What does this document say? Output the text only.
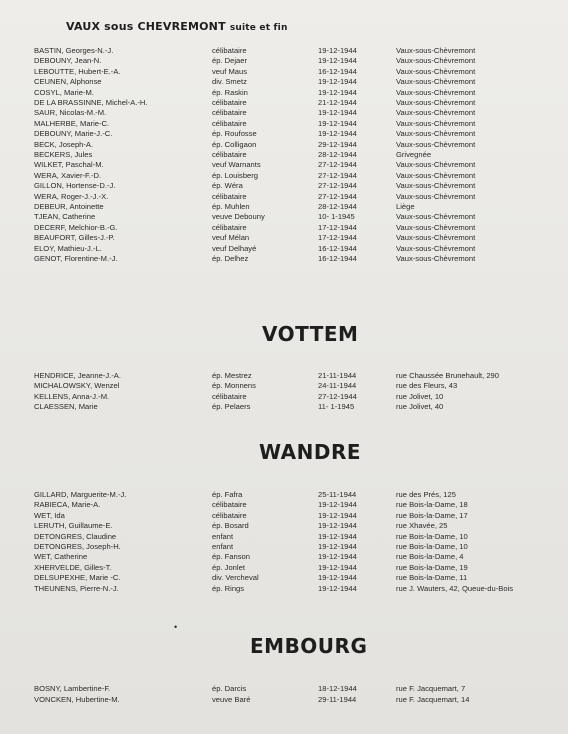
VAUX sous CHEVREMONT suite et fin
BASTIN, Georges-N.-J.	célibataire	19-12-1944	Vaux-sous-Chèvremont
DEBOUNY, Jean-N.	ép. Dejaer	19-12-1944	Vaux-sous-Chèvremont
LEBOUTTE, Hubert-E.-A.	veuf Maus	16-12-1944	Vaux-sous-Chèvremont
CEUNEN, Alphonse	div. Smetz	19-12-1944	Vaux-sous-Chèvremont
COSYL, Marie-M.	ép. Raskin	19-12-1944	Vaux-sous-Chèvremont
DE LA BRASSINNE, Michel-A.-H.	célibataire	21-12-1944	Vaux-sous-Chèvremont
SAUR, Nicolas-M.-M.	célibataire	19-12-1944	Vaux-sous-Chèvremont
MALHERBE, Marie-C.	célibataire	19-12-1944	Vaux-sous-Chèvremont
DEBOUNY, Marie-J.-C.	ép. Roufosse	19-12-1944	Vaux-sous-Chèvremont
BECK, Joseph-A.	ép. Colligaon	29-12-1944	Vaux-sous-Chèvremont
BECKERS, Jules	célibataire	28-12-1944	Grivegnée
WILKET, Paschal-M.	veuf Warnants	27-12-1944	Vaux-sous-Chèvremont
WERA, Xavier-F.-D.	ép. Louisberg	27-12-1944	Vaux-sous-Chèvremont
GILLON, Hortense-D.-J.	ép. Wéra	27-12-1944	Vaux-sous-Chèvremont
WERA, Roger-J.-J.-X.	célibataire	27-12-1944	Vaux-sous-Chèvremont
DEBEUR, Antoinette	ép. Muhlen	28-12-1944	Liège
TJEAN, Catherine	veuve Debouny	10- 1-1945	Vaux-sous-Chèvremont
DECERF, Melchior-B.-G.	célibataire	17-12-1944	Vaux-sous-Chèvremont
BEAUFORT, Gilles-J.-P.	veuf Mélan	17-12-1944	Vaux-sous-Chèvremont
ELOY, Mathieu-J.-L.	veuf Delhayé	16-12-1944	Vaux-sous-Chèvremont
GENOT, Florentine-M.-J.	ép. Delhez	16-12-1944	Vaux-sous-Chèvremont
VOTTEM
HENDRICE, Jeanne-J.-A.	ép. Mestrez	21-11-1944	rue Chaussée Brunehault, 290
MICHALOWSKY, Wenzel	ép. Monnens	24-11-1944	rue des Fleurs, 43
KELLENS, Anna-J.-M.	célibataire	27-12-1944	rue Jolivet, 10
CLAESSEN, Marie	ép. Pelaers	11- 1-1945	rue Jolivet, 40
WANDRE
GILLARD, Marguerite-M.-J.	ép. Fafra	25-11-1944	rue des Prés, 125
RABIECA, Marie-A.	célibataire	19-12-1944	rue Bois-la-Dame, 18
WET, Ida	célibataire	19-12-1944	rue Bois-la-Dame, 17
LERUTH, Guillaume-E.	ép. Bosard	19-12-1944	rue Xhavée, 25
DETONGRES, Claudine	enfant	19-12-1944	rue Bois-la-Dame, 10
DETONGRES, Joseph-H.	enfant	19-12-1944	rue Bois-la-Dame, 10
WET, Catherine	ép. Fanson	19-12-1944	rue Bois-la-Dame, 4
XHERVELDE, Gilles-T.	ép. Jonlet	19-12-1944	rue Bois-la-Dame, 19
DELSUPEXHE, Marie -C.	div. Vercheval	19-12-1944	rue Bois-la-Dame, 11
THEUNENS, Pierre-N.-J.	ép. Rings	19-12-1944	rue J. Wauters, 42, Queue-du-Bois
EMBOURG
BOSNY, Lambertine-F.	ép. Darcis	18-12-1944	rue F. Jacquemart, 7
VONCKEN, Hubertine-M.	veuve Baré	29-11-1944	rue F. Jacquemart, 14
•
